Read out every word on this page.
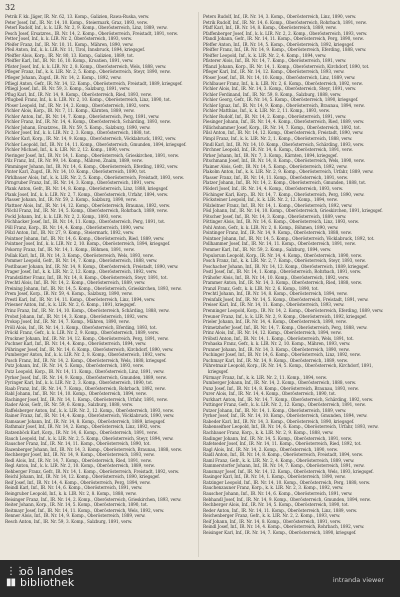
32

Petrik F. kk. Jäger, IR. Nr. 62, 13. Komp., Galizien, Rawa-Ruska, verw.

Peter Josef, Inf., IR. Nr. 14, 10. Komp., Steiermark, Graz, 1893, verw.

Peterl Rudolf, Inf., k. k. LIR. Nr. 2, 9. Komp., Oberösterreich, Linz, 1889, verw.

Pesch Josef, Ersatzres., IR. Nr. 14, 2. Komp., Oberösterreich, Freistadt, 1891, verw.

Petter Josef, Inf., k. k. LIR. Nr. 2, Oberösterreich, 1893, verw.

Pfeifer Franz, Inf., IR. Nr. 10, 11. Komp., Mähren, 1890, verw.

Pfeil Anton, Inf., k. k. LIR. Nr. 11, Tirol, Innsbruck, 1894, kriegsgef.

Pfeiffer Alois, Korp., IR. Nr. 80, 13. Komp., Galizien, 1889, tot.

Pfeiffer Karl, Inf., IR. Nr. 16, 10. Komp., Kroatien, 1891, verw.

Pfister Josef, Inf., k. k. LIR. Nr. 2, 8. Komp., Oberösterreich, Wels, 1888, verw.

Pfleger Franz, Inf., k. k. LIR. Nr. 2, 5. Komp., Oberösterreich, Steyr, 1890, verw.

Pfleger Johann, Zugsf., IR. Nr. 14, 2. Komp., 1892, verw.

Pfliegl Anton, Gefr., IR. Nr. 14, 12. Komp., Oberösterreich, Freistadt, 1889, kriegsgef.

Pfliegl Josef, Inf., IR. Nr. 59, 3. Komp., Salzburg, 1891, verw.

Pflug Karl, Inf., IR. Nr. 14, 9. Komp., Oberösterreich, Ried, 1893, verw.

Pflugbeil Franz, Inf., k. k. LIR. Nr. 2, 10. Komp., Oberösterreich, Linz, 1890, tot.

Pfoser Leopold, Inf., IR. Nr. 14, 2. Komp., Oberösterreich, 1892, verw.

Pichler Alois, Korp., IR. Nr. 7, 11. Komp., Kärnten, 1889, verw.

Pichler Anton, Inf., IR. Nr. 14, 7. Komp., Oberösterreich, Perg, 1891, verw.

Pichler Franz, Inf., IR. Nr. 14, 4. Komp., Oberösterreich, Schärding, 1893, verw.

Pichler Johann, Ersatzres., IR. Nr. 59, 5. Komp., Salzburg, 1890, verw.

Pichler Josef, Inf., k. k. LIR. Nr. 2, 3. Komp., Oberösterreich, 1888, tot.

Pichler Karl, Korp., IR. Nr. 14, 9. Komp., Oberösterreich, Vöcklabruck, 1892, verw.

Pichler Leopold, Inf., IR. Nr. 14, 11. Komp., Oberösterreich, Gmunden, 1894, kriegsgef.

Pichler Michael, Inf., k. k. LIR. Nr. 2, 12. Komp., 1890, verw.

Pieringer Josef, Inf., IR. Nr. 14, 1. Komp., Oberösterreich, Grieskirchen, 1891, verw.

Pilz Franz, Inf., IR. Nr. 99, 14. Komp., Mähren, Znaim, 1889, verw.

Pimminger Johann, Inf., IR. Nr. 14, 6. Komp., Oberösterreich, Eferding, 1892, verw.

Pinter Karl, Zugsf., IR. Nr. 14, 10. Komp., Oberösterreich, 1890, tot.

Pirklbauer Alois, Inf., k. k. LIR. Nr. 2, 5. Komp., Oberösterreich, Freistadt, 1893, verw.

Pirngruber Franz, Inf., IR. Nr. 14, 3. Komp., Oberösterreich, 1891, verw.

Plank Anton, Gefr., IR. Nr. 14, 8. Komp., Oberösterreich, Linz, 1888, kriegsgef.

Plank Josef, Inf., k. k. LIR. Nr. 2, 7. Komp., Oberösterreich, Urfahr, 1894, verw.

Plasser Johann, Inf., IR. Nr. 59, 2. Komp., Salzburg, 1890, verw.

Plattner Alois, Inf., IR. Nr. 14, 12. Komp., Oberösterreich, Braunau, 1892, verw.

Plöchl Franz, Inf., IR. Nr. 14, 5. Komp., Oberösterreich, Rohrbach, 1889, verw.

Pockl Johann, Inf., k. k. LIR. Nr. 2, 2. Komp., 1893, verw.

Pöchhacker Josef, Inf., IR. Nr. 14, 11. Komp., Oberösterreich, Perg, 1891, tot.

Pöll Franz, Korp., IR. Nr. 14, 4. Komp., Oberösterreich, 1890, verw.

Pölzl Anton, Inf., IR. Nr. 27, 9. Komp., Steiermark, 1892, verw.

Pointner Johann, Inf., IR. Nr. 14, 6. Komp., Oberösterreich, Ried, 1889, verw.

Pointner Josef, Inf., k. k. LIR. Nr. 2, 10. Komp., Oberösterreich, 1894, kriegsgef.

Pokorny Franz, Inf., IR. Nr. 14, 1. Komp., Böhmen, 1891, verw.

Pollak Karl, Inf., IR. Nr. 14, 3. Komp., Oberösterreich, Wels, 1893, verw.

Pommer Leopold, Gefr., IR. Nr. 14, 7. Komp., Oberösterreich, 1888, verw.

Postlbauer Johann, Inf., IR. Nr. 14, 9. Komp., Oberösterreich, Freistadt, 1890, verw.

Prager Josef, Inf., k. k. LIR. Nr. 2, 12. Komp., Oberösterreich, 1892, verw.

Prandstätter Franz, Inf., IR. Nr. 14, 8. Komp., Oberösterreich, Steyr, 1891, tot.

Prechtl Alois, Inf., IR. Nr. 14, 2. Komp., Oberösterreich, 1889, verw.

Preining Johann, Inf., IR. Nr. 14, 5. Komp., Oberösterreich, Grieskirchen, 1893, verw.

Prem Josef, Korp., IR. Nr. 59, 4. Komp., Salzburg, 1890, verw.

Prestl Karl, Inf., IR. Nr. 14, 11. Komp., Oberösterreich, Linz, 1894, verw.

Priesner Anton, Inf., k. k. LIR. Nr. 2, 6. Komp., 1891, kriegsgef.

Prinz Franz, Inf., IR. Nr. 14, 10. Komp., Oberösterreich, Schärding, 1888, verw.

Probst Johann, Inf., IR. Nr. 14, 3. Komp., Oberösterreich, 1892, verw.

Prokop Josef, Inf., IR. Nr. 14, 7. Komp., Mähren, 1890, verw.

Pröll Alois, Inf., IR. Nr. 14, 1. Komp., Oberösterreich, Eferding, 1893, tot.

Prückl Franz, Gefr., k. k. LIR. Nr. 2, 9. Komp., Oberösterreich, 1889, verw.

Pruckner Johann, Inf., IR. Nr. 14, 12. Komp., Oberösterreich, Perg, 1891, verw.

Puchner Karl, Inf., IR. Nr. 14, 4. Komp., Oberösterreich, 1894, verw.

Pühringer Josef, Inf., IR. Nr. 14, 6. Komp., Oberösterreich, Kirchdorf, 1890, verw.

Pumberger Anton, Inf., k. k. LIR. Nr. 2, 8. Komp., Oberösterreich, 1892, verw.

Pusch Franz, Inf., IR. Nr. 14, 2. Komp., Oberösterreich, Wels, 1888, kriegsgef.

Putz Johann, Inf., IR. Nr. 14, 5. Komp., Oberösterreich, 1893, verw.

Putz Leopold, Korp., IR. Nr. 14, 11. Komp., Oberösterreich, Linz, 1891, verw.

Pyrker Josef, Inf., IR. Nr. 14, 9. Komp., Oberösterreich, Gmunden, 1889, verw.

Pyringer Karl, Inf., k. k. LIR. Nr. 2, 3. Komp., Oberösterreich, 1890, tot.

Raab Franz, Inf., IR. Nr. 14, 7. Komp., Oberösterreich, Rohrbach, 1892, verw.

Rabl Johann, Inf., IR. Nr. 14, 10. Komp., Oberösterreich, 1894, verw.

Rachinger Josef, Inf., IR. Nr. 14, 1. Komp., Oberösterreich, Urfahr, 1891, verw.

Rader Alois, Gefr., IR. Nr. 59, 6. Komp., Salzburg, 1888, verw.

Raffelsberger Anton, Inf., k. k. LIR. Nr. 2, 12. Komp., Oberösterreich, 1893, verw.

Rainer Franz, Inf., IR. Nr. 14, 4. Komp., Oberösterreich, Vöcklabruck, 1890, verw.

Ramsauer Johann, Inf., IR. Nr. 14, 8. Komp., Oberösterreich, 1889, kriegsgef.

Rathmair Josef, Inf., IR. Nr. 14, 2. Komp., Oberösterreich, Linz, 1892, verw.

Ratzenböck Karl, Korp., IR. Nr. 14, 6. Komp., Oberösterreich, 1891, verw.

Rauch Leopold, Inf., k. k. LIR. Nr. 2, 5. Komp., Oberösterreich, Steyr, 1894, verw.

Rauscher Franz, Inf., IR. Nr. 14, 11. Komp., Oberösterreich, 1890, tot.

Razenberger Johann, Inf., IR. Nr. 14, 3. Komp., Oberösterreich, Braunau, 1888, verw.

Rechberger Josef, Inf., IR. Nr. 14, 9. Komp., Oberösterreich, 1893, verw.

Redl Alois, Inf., IR. Nr. 14, 7. Komp., Oberösterreich, Ried, 1891, verw.

Regl Anton, Inf., k. k. LIR. Nr. 2, 10. Komp., Oberösterreich, 1889, verw.

Rehberger Franz, Gefr., IR. Nr. 14, 1. Komp., Oberösterreich, Freistadt, 1892, verw.

Reichl Johann, Inf., IR. Nr. 14, 12. Komp., Oberösterreich, 1890, kriegsgef.

Reif Josef, Inf., IR. Nr. 14, 4. Komp., Oberösterreich, Perg, 1894, verw.

Reindl Karl, Inf., IR. Nr. 14, 6. Komp., Oberösterreich, 1891, verw.

Reingruber Leopold, Inf., k. k. LIR. Nr. 2, 8. Komp., 1888, verw.

Reisinger Franz, Inf., IR. Nr. 14, 2. Komp., Oberösterreich, Grieskirchen, 1893, verw.

Reiter Johann, Korp., IR. Nr. 14, 5. Komp., Oberösterreich, 1890, tot.

Reitmayr Josef, Inf., IR. Nr. 14, 11. Komp., Oberösterreich, Wels, 1892, verw.

Renner Alois, Inf., IR. Nr. 14, 9. Komp., Oberösterreich, 1889, verw.

Resch Anton, Inf., IR. Nr. 59, 3. Komp., Salzburg, 1891, verw.

Peters Rudolf, Inf., IR. Nr. 14, 3. Komp., Oberösterreich, Linz, 1890, verw.

Petrik Rudolf, Inf., IR. Nr. 14, 6. Komp., Oberösterreich, Rohrbach, 1891, verw.

Pfaff Karl, Inf., IR. Nr. 14, 8. Komp., Oberösterreich, 1889, verw.

Pfaffenberger Josef, Inf., k. k. LIR. Nr. 2, 2. Komp., Oberösterreich, 1893, verw.

Pfandl Johann, Gefr., IR. Nr. 14, 11. Komp., Oberösterreich, Perg, 1890, verw.

Pfeffer Anton, Inf., IR. Nr. 14, 5. Komp., Oberösterreich, 1892, kriegsgef.

Pfeiffer Franz, Inf., IR. Nr. 14, 9. Komp., Oberösterreich, Eferding, 1888, verw.

Pfeiffer Leopold, Inf., k. k. LIR. Nr. 2, 4. Komp., 1894, verw.

Pfisterer Alois, Inf., IR. Nr. 14, 7. Komp., Oberösterreich, 1891, verw.

Pflanzl Johann, Korp., IR. Nr. 14, 1. Komp., Oberösterreich, Kirchdorf, 1890, tot.

Pfleger Karl, Inf., IR. Nr. 14, 12. Komp., Oberösterreich, 1893, verw.

Pfoser Josef, Inf., IR. Nr. 14, 10. Komp., Oberösterreich, Linz, 1889, verw.

Pichlbauer Franz, Inf., k. k. LIR. Nr. 2, 6. Komp., Oberösterreich, 1892, verw.

Pichler Alois, Inf., IR. Nr. 14, 3. Komp., Oberösterreich, Steyr, 1891, verw.

Pichler Ferdinand, Inf., IR. Nr. 59, 8. Komp., Salzburg, 1888, verw.

Pichler Georg, Gefr., IR. Nr. 14, 5. Komp., Oberösterreich, 1890, kriegsgef.

Pichler Ignaz, Inf., IR. Nr. 14, 9. Komp., Oberösterreich, Braunau, 1894, verw.

Pichler Matthias, Inf., k. k. LIR. Nr. 2, 11. Komp., 1893, verw.

Pichler Rudolf, Inf., IR. Nr. 14, 2. Komp., Oberösterreich, 1891, verw.

Piesinger Johann, Inf., IR. Nr. 14, 4. Komp., Oberösterreich, Ried, 1889, verw.

Pillichshammer Josef, Korp., IR. Nr. 14, 7. Komp., Oberösterreich, 1892, tot.

Pilsl Anton, Inf., IR. Nr. 14, 12. Komp., Oberösterreich, Freistadt, 1890, verw.

Pimpl Franz, Inf., k. k. LIR. Nr. 2, 1. Komp., Oberösterreich, 1888, verw.

Pindl Karl, Inf., IR. Nr. 14, 10. Komp., Oberösterreich, Schärding, 1893, verw.

Pirchner Leopold, Inf., IR. Nr. 14, 6. Komp., Oberösterreich, 1891, verw.

Pirker Johann, Inf., IR. Nr. 7, 3. Komp., Kärnten, 1894, kriegsgef.

Pitschmann Josef, Inf., IR. Nr. 14, 8. Komp., Oberösterreich, Wels, 1890, verw.

Plaimer Alois, Gefr., IR. Nr. 14, 5. Komp., Oberösterreich, 1892, verw.

Plakolm Anton, Inf., k. k. LIR. Nr. 2, 9. Komp., Oberösterreich, Urfahr, 1889, verw.

Plasser Franz, Inf., IR. Nr. 14, 11. Komp., Oberösterreich, 1891, verw.

Platzer Johann, Inf., IR. Nr. 14, 2. Komp., Oberösterreich, Gmunden, 1888, tot.

Plöderl Josef, Inf., IR. Nr. 14, 4. Komp., Oberösterreich, 1893, verw.

Pöchinger Karl, Korp., IR. Nr. 14, 7. Komp., Oberösterreich, Perg, 1890, verw.

Pöcksteiner Leopold, Inf., k. k. LIR. Nr. 2, 12. Komp., 1894, verw.

Pölzleitner Franz, Inf., IR. Nr. 14, 1. Komp., Oberösterreich, 1892, verw.

Pösl Johann, Inf., IR. Nr. 14, 10. Komp., Oberösterreich, Grieskirchen, 1891, kriegsgef.

Pötscher Josef, Inf., IR. Nr. 14, 3. Komp., Oberösterreich, 1889, verw.

Pöttinger Alois, Inf., IR. Nr. 14, 6. Komp., Oberösterreich, Linz, 1893, verw.

Pohl Anton, Gefr., k. k. LIR. Nr. 2, 8. Komp., Böhmen, 1890, verw.

Pointinger Franz, Inf., IR. Nr. 14, 9. Komp., Oberösterreich, 1888, verw.

Pointner Johann, Inf., IR. Nr. 14, 5. Komp., Oberösterreich, Vöcklabruck, 1892, tot.

Pollhammer Josef, Inf., IR. Nr. 14, 11. Komp., Oberösterreich, 1891, verw.

Pommer Karl, Inf., IR. Nr. 59, 2. Komp., Salzburg, 1894, verw.

Populorum Leopold, Korp., IR. Nr. 14, 4. Komp., Oberösterreich, 1890, verw.

Posch Franz, Inf., k. k. LIR. Nr. 2, 7. Komp., Oberösterreich, Steyr, 1893, verw.

Poschacher Johann, Inf., IR. Nr. 14, 12. Komp., Oberösterreich, 1889, kriegsgef.

Postl Josef, Inf., IR. Nr. 14, 1. Komp., Oberösterreich, Rohrbach, 1891, verw.

Prähofer Alois, Inf., IR. Nr. 14, 10. Komp., Oberösterreich, 1892, verw.

Prammer Anton, Inf., IR. Nr. 14, 3. Komp., Oberösterreich, Ried, 1888, verw.

Pranzl Franz, Gefr., k. k. LIR. Nr. 2, 6. Komp., 1890, tot.

Prechtl Johann, Inf., IR. Nr. 14, 8. Komp., Oberösterreich, 1894, verw.

Preinfalk Josef, Inf., IR. Nr. 14, 5. Komp., Oberösterreich, Freistadt, 1891, verw.

Preiser Karl, Inf., IR. Nr. 14, 11. Komp., Oberösterreich, 1893, verw.

Prenninger Leopold, Korp., IR. Nr. 14, 2. Komp., Oberösterreich, Eferding, 1889, verw.

Preuner Franz, Inf., k. k. LIR. Nr. 2, 9. Komp., Oberösterreich, 1892, kriegsgef.

Prieler Johann, Inf., IR. Nr. 14, 4. Komp., Oberösterreich, 1890, verw.

Primetzhofer Josef, Inf., IR. Nr. 14, 7. Komp., Oberösterreich, Perg, 1888, verw.

Prinz Alois, Inf., IR. Nr. 14, 12. Komp., Oberösterreich, 1894, verw.

Pröbstl Anton, Inf., IR. Nr. 14, 1. Komp., Oberösterreich, Wels, 1891, tot.

Prohaska Franz, Gefr., k. k. LIR. Nr. 2, 10. Komp., Mähren, 1893, verw.

Prunner Johann, Inf., IR. Nr. 14, 3. Komp., Oberösterreich, 1890, verw.

Puchinger Josef, Inf., IR. Nr. 14, 6. Komp., Oberösterreich, Linz, 1892, verw.

Puchmayr Karl, Inf., IR. Nr. 14, 9. Komp., Oberösterreich, 1889, verw.

Pühretmair Leopold, Korp., IR. Nr. 14, 5. Komp., Oberösterreich, Kirchdorf, 1891, kriegsgef.

Pürmayr Franz, Inf., k. k. LIR. Nr. 2, 11. Komp., 1894, verw.

Pumberger Johann, Inf., IR. Nr. 14, 2. Komp., Oberösterreich, 1888, verw.

Punz Josef, Inf., IR. Nr. 14, 8. Komp., Oberösterreich, Braunau, 1893, verw.

Purer Alois, Inf., IR. Nr. 14, 4. Komp., Oberösterreich, 1890, tot.

Purkhart Anton, Inf., IR. Nr. 14, 7. Komp., Oberösterreich, Schärding, 1892, verw.

Puttinger Franz, Gefr., k. k. LIR. Nr. 2, 12. Komp., Oberösterreich, 1891, verw.

Putzer Johann, Inf., IR. Nr. 14, 1. Komp., Oberösterreich, 1889, verw.

Pyrker Josef, Inf., IR. Nr. 14, 10. Komp., Oberösterreich, Gmunden, 1894, verw.

Rabeder Karl, Inf., IR. Nr. 14, 3. Komp., Oberösterreich, 1890, kriegsgef.

Rabenseifner Leopold, Inf., IR. Nr. 14, 6. Komp., Oberösterreich, Urfahr, 1893, verw.

Rachbauer Franz, Korp., k. k. LIR. Nr. 2, 9. Komp., 1888, verw.

Radinger Johann, Inf., IR. Nr. 14, 5. Komp., Oberösterreich, 1891, verw.

Rafetseder Josef, Inf., IR. Nr. 14, 11. Komp., Oberösterreich, Ried, 1892, tot.

Ragl Alois, Inf., IR. Nr. 14, 2. Komp., Oberösterreich, 1890, verw.

Raidl Anton, Inf., IR. Nr. 14, 8. Komp., Oberösterreich, Freistadt, 1894, verw.

Raml Franz, Gefr., k. k. LIR. Nr. 2, 4. Komp., Oberösterreich, 1889, verw.

Rammerstorfer Johann, Inf., IR. Nr. 14, 7. Komp., Oberösterreich, 1891, verw.

Ransmayr Josef, Inf., IR. Nr. 14, 12. Komp., Oberösterreich, Wels, 1893, kriegsgef.

Rasinger Karl, Inf., IR. Nr. 14, 1. Komp., Oberösterreich, 1890, verw.

Ratzinger Leopold, Inf., IR. Nr. 14, 10. Komp., Oberösterreich, Perg, 1888, verw.

Rauchenzauner Franz, Korp., k. k. LIR. Nr. 2, 3. Komp., 1892, verw.

Rauscher Johann, Inf., IR. Nr. 14, 6. Komp., Oberösterreich, 1891, verw.

Rebhandl Josef, Inf., IR. Nr. 14, 9. Komp., Oberösterreich, Gmunden, 1894, verw.

Rechberger Alois, Inf., IR. Nr. 14, 5. Komp., Oberösterreich, 1890, tot.

Reder Anton, Inf., IR. Nr. 14, 11. Komp., Oberösterreich, Linz, 1889, verw.

Reichenberger Franz, Gefr., k. k. LIR. Nr. 2, 2. Komp., 1893, verw.

Reif Johann, Inf., IR. Nr. 14, 8. Komp., Oberösterreich, 1891, verw.

Reindl Josef, Inf., IR. Nr. 14, 4. Komp., Oberösterreich, Rohrbach, 1892, verw.

Reisinger Karl, Inf., IR. Nr. 14, 7. Komp., Oberösterreich, 1890, kriegsgef.

⋮⋮
oö landes
▮▮ bibliothek	intranda viewer
